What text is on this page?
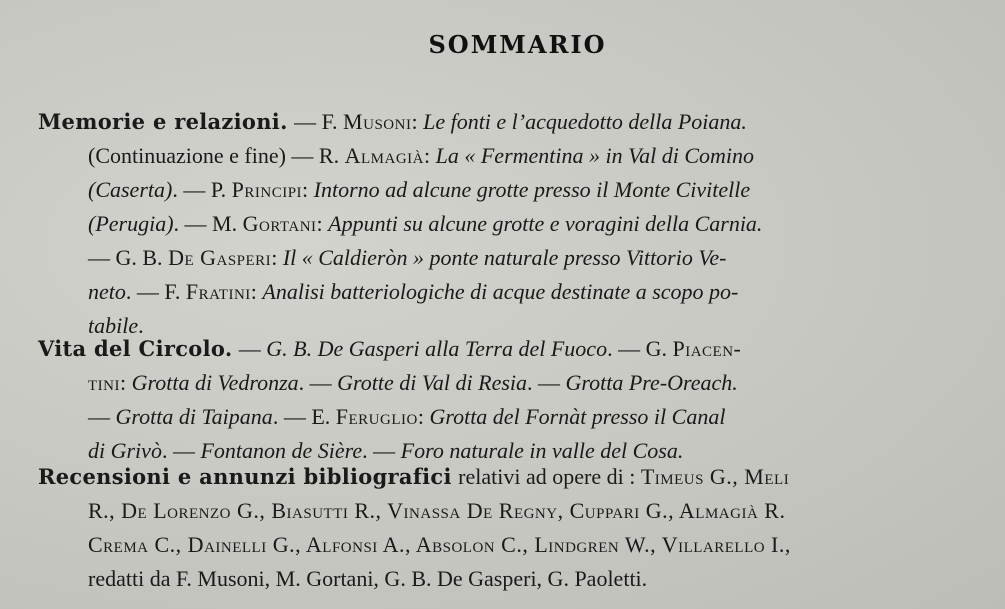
SOMMARIO
Memorie e relazioni. — F. Musoni: Le fonti e l’acquedotto della Poiana.
(Continuazione e fine) — R. Almagià: La « Fermentina » in Val di Comino
(Caserta). — P. Principi: Intorno ad alcune grotte presso il Monte Civitelle
(Perugia). — M. Gortani: Appunti su alcune grotte e voragini della Carnia.
— G. B. De Gasperi: Il « Caldieròn » ponte naturale presso Vittorio Ve-
neto. — F. Fratini: Analisi batteriologiche di acque destinate a scopo po-
tabile.
Vita del Circolo. — G. B. De Gasperi alla Terra del Fuoco. — G. Piacen-
tini: Grotta di Vedronza. — Grotte di Val di Resia. — Grotta Pre-Oreach.
— Grotta di Taipana. — E. Feruglio: Grotta del Fornàt presso il Canal
di Grivò. — Fontanon de Sière. — Foro naturale in valle del Cosa.
Recensioni e annunzi bibliografici relativi ad opere di : Timeus G., Meli
R., De Lorenzo G., Biasutti R., Vinassa De Regny, Cuppari G., Almagià R.
Crema C., Dainelli G., Alfonsi A., Absolon C., Lindgren W., Villarello I.,
redatti da F. Musoni, M. Gortani, G. B. De Gasperi, G. Paoletti.
